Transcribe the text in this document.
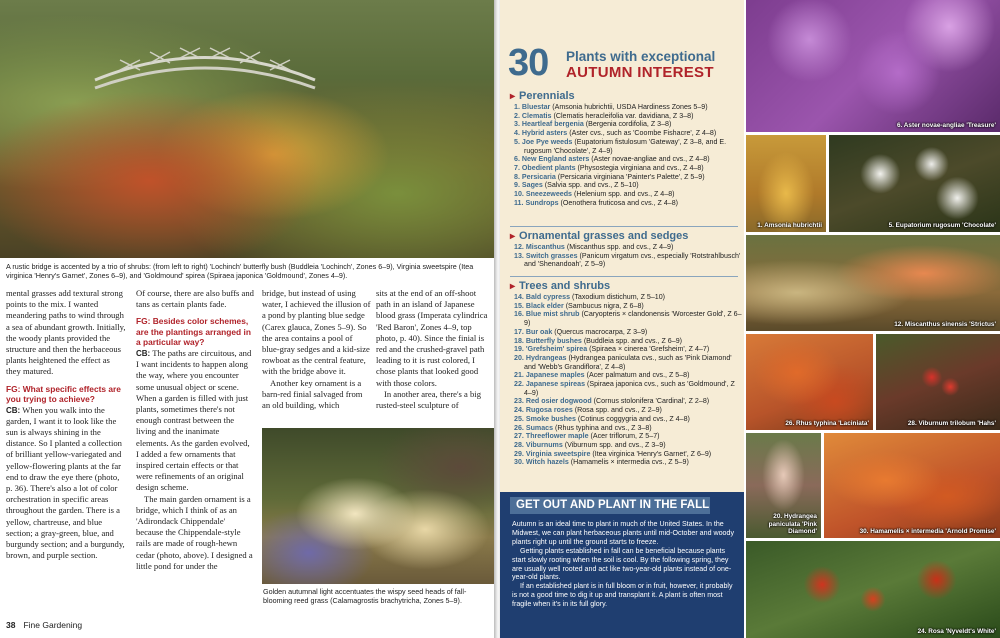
A rustic bridge is accented by a trio of shrubs: (from left to right) 'Lochinch' butterfly bush (Buddleia 'Lochinch', Zones 6–9), Virginia sweetspire (Itea virginica 'Henry's Garnet', Zones 6–9), and 'Goldmound' spirea (Spiraea japonica 'Goldmound', Zones 4–9).

mental grasses add textural strong points to the mix. I wanted meandering paths to wind through a sea of abundant growth. Initially, the woody plants provided the structure and then the herbaceous plants heightened the effect as they matured.

FG: What specific effects are you trying to achieve?

CB: When you walk into the garden, I want it to look like the sun is always shining in the distance. So I planted a collection of brilliant yellow-variegated and yellow-flowering plants at the far end to draw the eye there (photo, p. 36). There's also a lot of color orchestration in specific areas throughout the garden. There is a yellow, chartreuse, and blue section; a gray-green, blue, and burgundy section; and a burgundy, brown, and purple section.

Of course, there are also buffs and tans as certain plants fade.

FG: Besides color schemes, are the plantings arranged in a particular way?

CB: The paths are circuitous, and I want incidents to happen along the way, where you encounter some unusual object or scene. When a garden is filled with just plants, sometimes there's not enough contrast between the living and the inanimate elements. As the garden evolved, I added a few ornaments that inspired certain effects or that were refinements of an original design scheme.

The main garden ornament is a bridge, which I think of as an 'Adirondack Chippendale' because the Chippendale-style rails are made of rough-hewn cedar (photo, above). I designed a little pond for under the

bridge, but instead of using water, I achieved the illusion of a pond by planting blue sedge (Carex glauca, Zones 5–9). So the area contains a pool of blue-gray sedges and a kid-size rowboat as the central feature, with the bridge above it.

Another key ornament is a barn-red finial salvaged from an old building, which

sits at the end of an off-shoot path in an island of Japanese blood grass (Imperata cylindrica 'Red Baron', Zones 4–9, top photo, p. 40). Since the finial is red and the crushed-gravel path leading to it is rust colored, I chose plants that looked good with those colors.

In another area, there's a big rusted-steel sculpture of

Golden autumnal light accentuates the wispy seed heads of fall-blooming reed grass (Calamagrostis brachytricha, Zones 5–9).
38 Fine Gardening
30 Plants with exceptional
AUTUMN INTEREST
▸ Perennials
1. Bluestar (Amsonia hubrichtii, USDA Hardiness Zones 5–9)
2. Clematis (Clematis heracleifolia var. davidiana, Z 3–8)
3. Heartleaf bergenia (Bergenia cordifolia, Z 3–8)
4. Hybrid asters (Aster cvs., such as 'Coombe Fishacre', Z 4–8)
5. Joe Pye weeds (Eupatorium fistulosum 'Gateway', Z 3–8, and E. rugosum 'Chocolate', Z 4–9)
6. New England asters (Aster novae-angliae and cvs., Z 4–8)
7. Obedient plants (Physostegia virginiana and cvs., Z 4–8)
8. Persicaria (Persicaria virginiana 'Painter's Palette', Z 5–9)
9. Sages (Salvia spp. and cvs., Z 5–10)
10. Sneezeweeds (Helenium spp. and cvs., Z 4–8)
11. Sundrops (Oenothera fruticosa and cvs., Z 4–8)
▸ Ornamental grasses and sedges
12. Miscanthus (Miscanthus spp. and cvs., Z 4–9)
13. Switch grasses (Panicum virgatum cvs., especially 'Rotstrahlbusch' and 'Shenandoah', Z 5–9)
▸ Trees and shrubs
14. Bald cypress (Taxodium distichum, Z 5–10)
15. Black elder (Sambucus nigra, Z 6–8)
16. Blue mist shrub (Caryopteris × clandonensis 'Worcester Gold', Z 6–9)
17. Bur oak (Quercus macrocarpa, Z 3–9)
18. Butterfly bushes (Buddleia spp. and cvs., Z 6–9)
19. 'Grefsheim' spirea (Spiraea × cinerea 'Grefsheim', Z 4–7)
20. Hydrangeas (Hydrangea paniculata cvs., such as 'Pink Diamond' and 'Webb's Grandiflora', Z 4–8)
21. Japanese maples (Acer palmatum and cvs., Z 5–8)
22. Japanese spireas (Spiraea japonica cvs., such as 'Goldmound', Z 4–9)
23. Red osier dogwood (Cornus stolonifera 'Cardinal', Z 2–8)
24. Rugosa roses (Rosa spp. and cvs., Z 2–9)
25. Smoke bushes (Cotinus coggygria and cvs., Z 4–8)
26. Sumacs (Rhus typhina and cvs., Z 3–8)
27. Threeflower maple (Acer triflorum, Z 5–7)
28. Viburnums (Viburnum spp. and cvs., Z 3–9)
29. Virginia sweetspire (Itea virginica 'Henry's Garnet', Z 6–9)
30. Witch hazels (Hamamelis × intermedia cvs., Z 5–9)
GET OUT AND PLANT IN THE FALL

Autumn is an ideal time to plant in much of the United States. In the Midwest, we can plant herbaceous plants until mid-October and woody plants right up until the ground starts to freeze.

Getting plants established in fall can be beneficial because plants start slowly rooting when the soil is cool. By the following spring, they are usually well rooted and act like two-year-old plants instead of one-year-old plants.

If an established plant is in full bloom or in fruit, however, it probably is not a good time to dig it up and transplant it. A plant is often most fragile when it's in its full glory.

6. Aster novae-angliae 'Treasure'
1. Amsonia hubrichtii	5. Eupatorium rugosum 'Chocolate'
12. Miscanthus sinensis 'Strictus'
26. Rhus typhina 'Laciniata'	28. Viburnum trilobum 'Hahs'
20. Hydrangea paniculata 'Pink Diamond'	30. Hamamelis × intermedia 'Arnold Promise'
24. Rosa 'Nyveldt's White'
